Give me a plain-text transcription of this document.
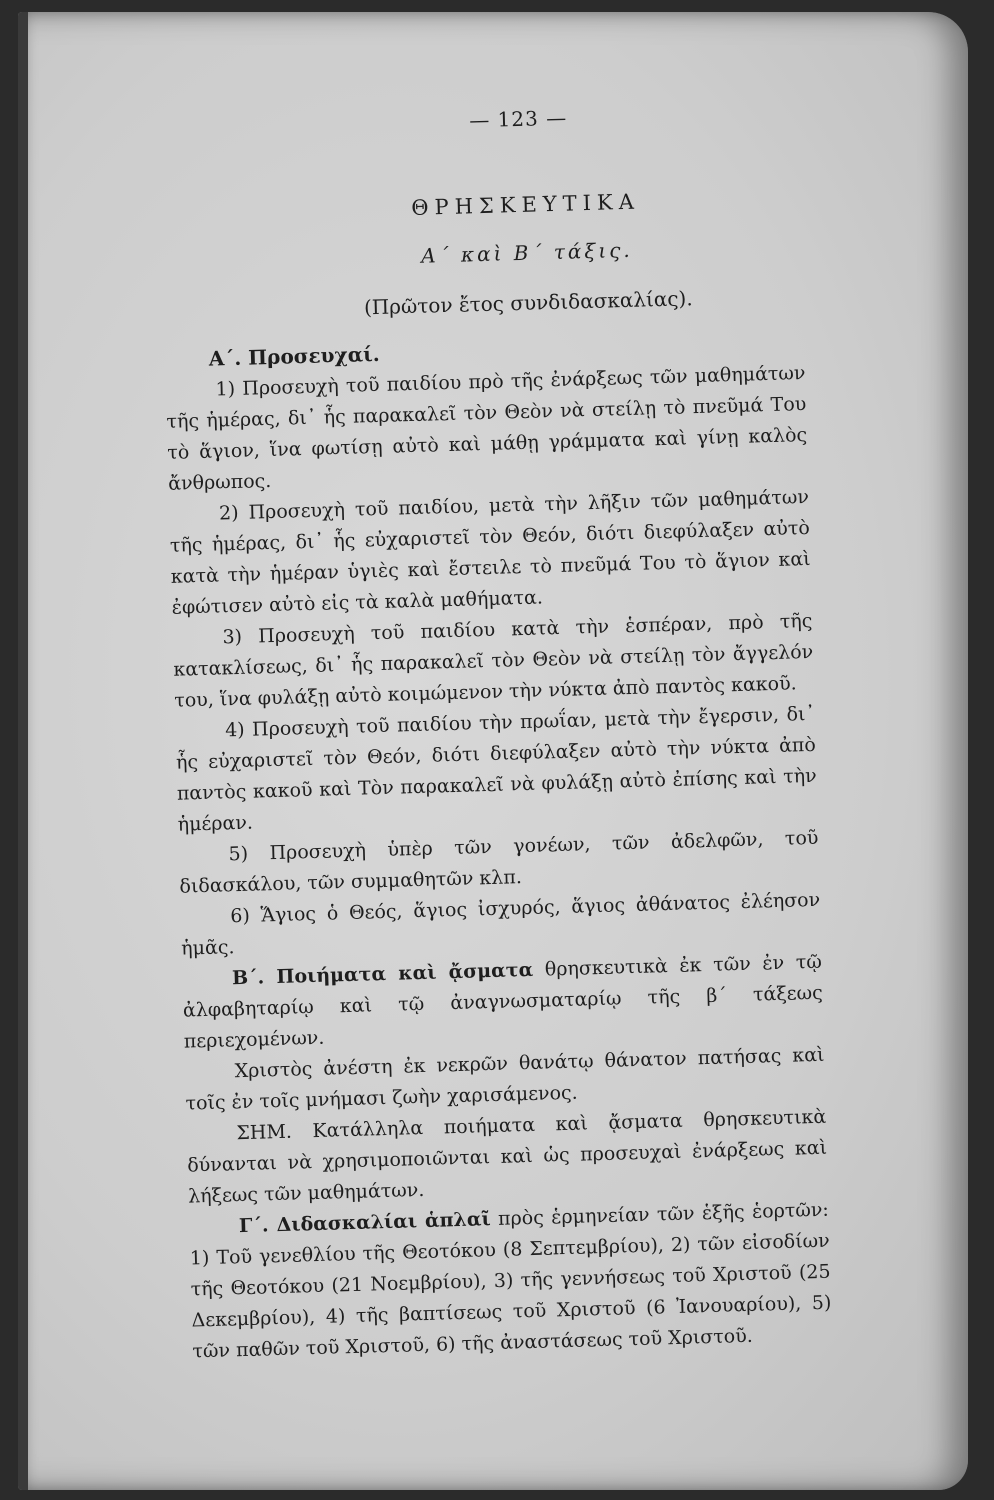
— 123 —
ΘΡΗΣΚΕΥΤΙΚΑ
Α΄ καὶ Β΄ τάξις.
(Πρῶτον ἔτος συνδιδασκαλίας).
Α΄. Προσευχαί.

1) Προσευχὴ τοῦ παιδίου πρὸ τῆς ἐνάρξεως τῶν μαθημάτων τῆς ἡμέρας, δι᾽ ἧς παρακαλεῖ τὸν Θεὸν νὰ στείλῃ τὸ πνεῦμά Του τὸ ἅγιον, ἵνα φωτίσῃ αὐτὸ καὶ μάθῃ γράμματα καὶ γίνῃ καλὸς ἄνθρωπος.

2) Προσευχὴ τοῦ παιδίου, μετὰ τὴν λῆξιν τῶν μαθημάτων τῆς ἡμέρας, δι᾽ ἧς εὐχαριστεῖ τὸν Θεόν, διότι διεφύλαξεν αὐτὸ κατὰ τὴν ἡμέραν ὑγιὲς καὶ ἔστειλε τὸ πνεῦμά Του τὸ ἅγιον καὶ ἐφώτισεν αὐτὸ εἰς τὰ καλὰ μαθήματα.

3) Προσευχὴ τοῦ παιδίου κατὰ τὴν ἑσπέραν, πρὸ τῆς κατακλίσεως, δι᾽ ἧς παρακαλεῖ τὸν Θεὸν νὰ στείλῃ τὸν ἄγγελόν του, ἵνα φυλάξῃ αὐτὸ κοιμώμενον τὴν νύκτα ἀπὸ παντὸς κακοῦ.

4) Προσευχὴ τοῦ παιδίου τὴν πρωΐαν, μετὰ τὴν ἔγερσιν, δι᾽ ἧς εὐχαριστεῖ τὸν Θεόν, διότι διεφύλαξεν αὐτὸ τὴν νύκτα ἀπὸ παντὸς κακοῦ καὶ Τὸν παρακαλεῖ νὰ φυλάξῃ αὐτὸ ἐπίσης καὶ τὴν ἡμέραν.

5) Προσευχὴ ὑπὲρ τῶν γονέων, τῶν ἀδελφῶν, τοῦ διδασκάλου, τῶν συμμαθητῶν κλπ.

6) Ἅγιος ὁ Θεός, ἅγιος ἰσχυρός, ἅγιος ἀθάνατος ἐλέησον ἡμᾶς.

Β΄. Ποιήματα καὶ ᾄσματα θρησκευτικὰ ἐκ τῶν ἐν τῷ ἀλφαβηταρίῳ καὶ τῷ ἀναγνωσματαρίῳ τῆς β΄ τάξεως περιεχομένων.

Χριστὸς ἀνέστη ἐκ νεκρῶν θανάτῳ θάνατον πατήσας καὶ τοῖς ἐν τοῖς μνήμασι ζωὴν χαρισάμενος.

ΣΗΜ. Κατάλληλα ποιήματα καὶ ᾄσματα θρησκευτικὰ δύνανται νὰ χρησιμοποιῶνται καὶ ὡς προσευχαὶ ἐνάρξεως καὶ λήξεως τῶν μαθημάτων.

Γ΄. Διδασκαλίαι ἁπλαῖ πρὸς ἑρμηνείαν τῶν ἑξῆς ἑορτῶν: 1) Τοῦ γενεθλίου τῆς Θεοτόκου (8 Σεπτεμβρίου), 2) τῶν εἰσοδίων τῆς Θεοτόκου (21 Νοεμβρίου), 3) τῆς γεννήσεως τοῦ Χριστοῦ (25 Δεκεμβρίου), 4) τῆς βαπτίσεως τοῦ Χριστοῦ (6 Ἰανουαρίου), 5) τῶν παθῶν τοῦ Χριστοῦ, 6) τῆς ἀναστάσεως τοῦ Χριστοῦ.
